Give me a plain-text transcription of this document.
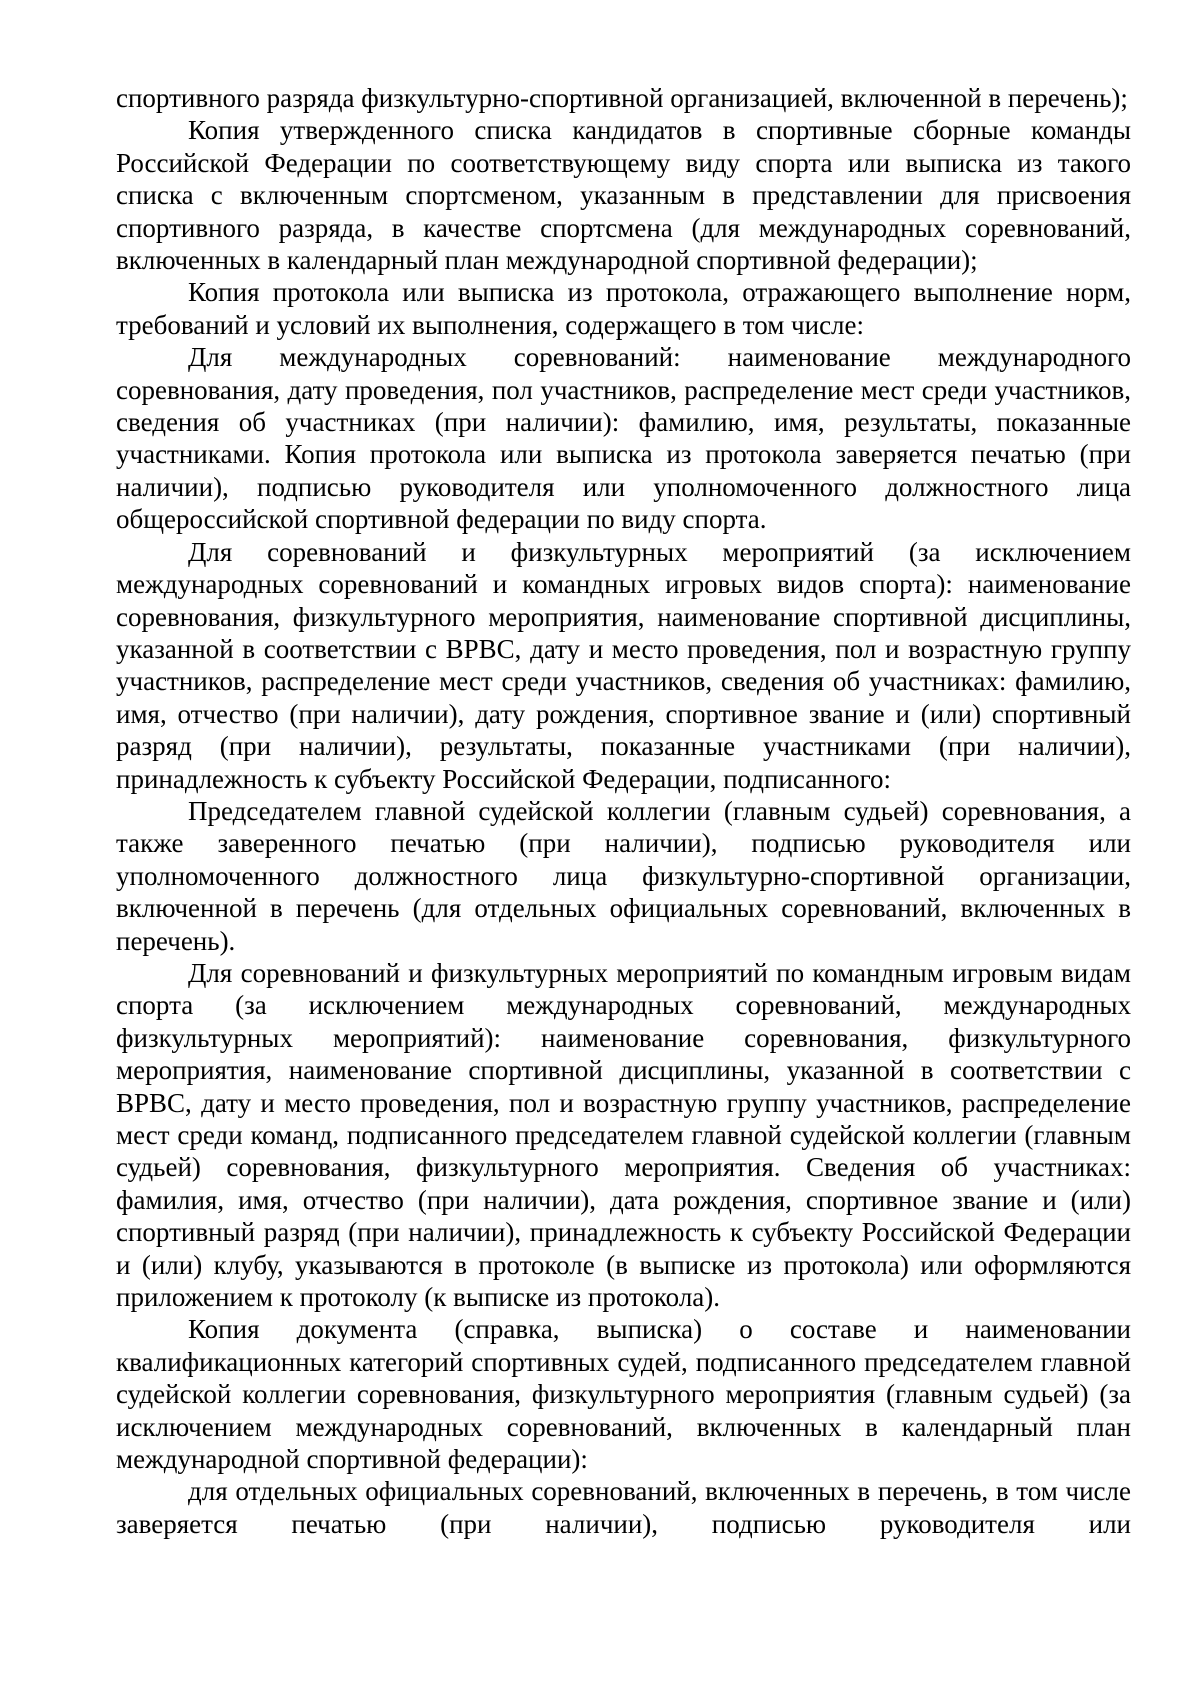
спортивного разряда физкультурно-спортивной организацией, включенной в перечень);

Копия утвержденного списка кандидатов в спортивные сборные команды Российской Федерации по соответствующему виду спорта или выписка из такого списка с включенным спортсменом, указанным в представлении для присвоения спортивного разряда, в качестве спортсмена (для международных соревнований, включенных в календарный план международной спортивной федерации);

Копия протокола или выписка из протокола, отражающего выполнение норм, требований и условий их выполнения, содержащего в том числе:

Для международных соревнований: наименование международного соревнования, дату проведения, пол участников, распределение мест среди участников, сведения об участниках (при наличии): фамилию, имя, результаты, показанные участниками. Копия протокола или выписка из протокола заверяется печатью (при наличии), подписью руководителя или уполномоченного должностного лица общероссийской спортивной федерации по виду спорта.

Для соревнований и физкультурных мероприятий (за исключением международных соревнований и командных игровых видов спорта): наименование соревнования, физкультурного мероприятия, наименование спортивной дисциплины, указанной в соответствии с ВРВС, дату и место проведения, пол и возрастную группу участников, распределение мест среди участников, сведения об участниках: фамилию, имя, отчество (при наличии), дату рождения, спортивное звание и (или) спортивный разряд (при наличии), результаты, показанные участниками (при наличии), принадлежность к субъекту Российской Федерации, подписанного:

Председателем главной судейской коллегии (главным судьей) соревнования, а также заверенного печатью (при наличии), подписью руководителя или уполномоченного должностного лица физкультурно-спортивной организации, включенной в перечень (для отдельных официальных соревнований, включенных в перечень).

Для соревнований и физкультурных мероприятий по командным игровым видам спорта (за исключением международных соревнований, международных физкультурных мероприятий): наименование соревнования, физкультурного мероприятия, наименование спортивной дисциплины, указанной в соответствии с ВРВС, дату и место проведения, пол и возрастную группу участников, распределение мест среди команд, подписанного председателем главной судейской коллегии (главным судьей) соревнования, физкультурного мероприятия. Сведения об участниках: фамилия, имя, отчество (при наличии), дата рождения, спортивное звание и (или) спортивный разряд (при наличии), принадлежность к субъекту Российской Федерации и (или) клубу, указываются в протоколе (в выписке из протокола) или оформляются приложением к протоколу (к выписке из протокола).

Копия документа (справка, выписка) о составе и наименовании квалификационных категорий спортивных судей, подписанного председателем главной судейской коллегии соревнования, физкультурного мероприятия (главным судьей) (за исключением международных соревнований, включенных в календарный план международной спортивной федерации):

для отдельных официальных соревнований, включенных в перечень, в том числе заверяется печатью (при наличии), подписью руководителя или
